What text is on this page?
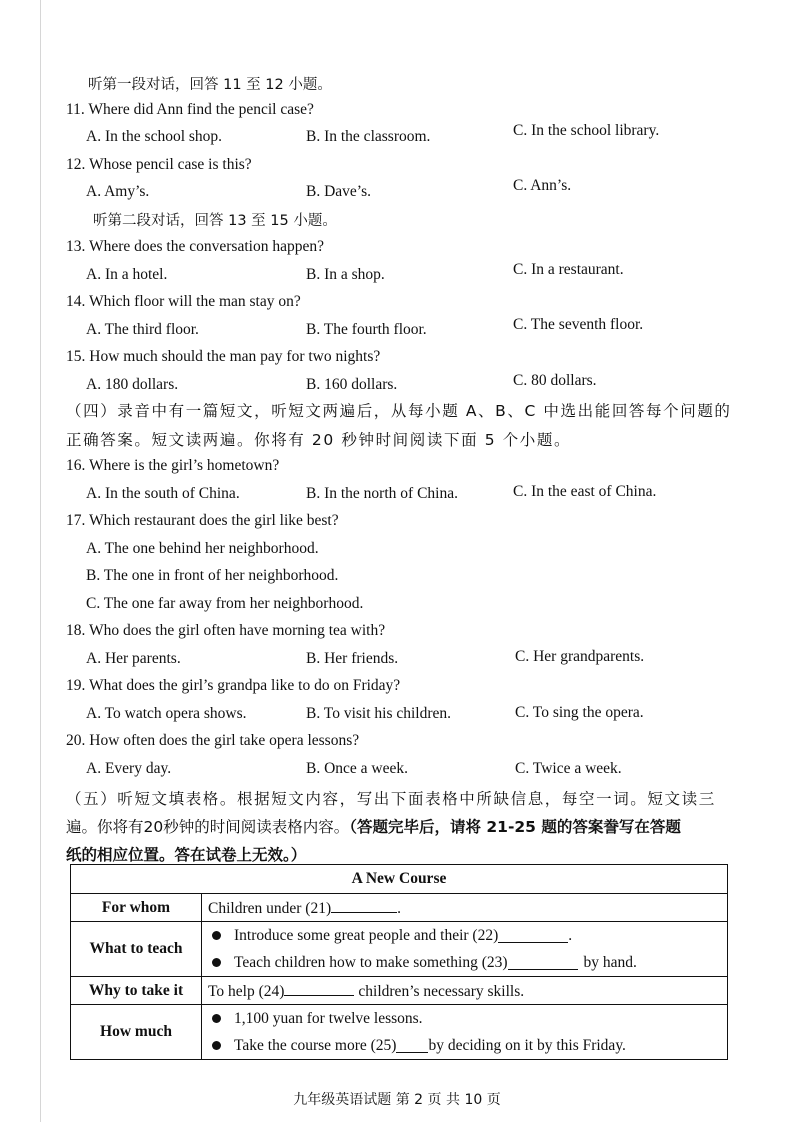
听第一段对话，回答 11 至 12 小题。
11. Where did Ann find the pencil case?
A. In the school shop.	B. In the classroom.	C. In the school library.
12. Whose pencil case is this?
A. Amy’s.	B. Dave’s.	C. Ann’s.
听第二段对话，回答 13 至 15 小题。
13. Where does the conversation happen?
A. In a hotel.	B. In a shop.	C. In a restaurant.
14. Which floor will the man stay on?
A. The third floor.	B. The fourth floor.	C. The seventh floor.
15. How much should the man pay for two nights?
A. 180 dollars.	B. 160 dollars.	C. 80 dollars.
（四）录音中有一篇短文，听短文两遍后，从每小题 A、B、C 中选出能回答每个问题的
正确答案。短文读两遍。你将有 20 秒钟时间阅读下面 5 个小题。
16. Where is the girl’s hometown?
A. In the south of China.	B. In the north of China.	C. In the east of China.
17. Which restaurant does the girl like best?
A. The one behind her neighborhood.
B. The one in front of her neighborhood.
C. The one far away from her neighborhood.
18. Who does the girl often have morning tea with?
A. Her parents.	B. Her friends.	C. Her grandparents.
19. What does the girl’s grandpa like to do on Friday?
A. To watch opera shows.	B. To visit his children.	C. To sing the opera.
20. How often does the girl take opera lessons?
A. Every day.	B. Once a week.	C. Twice a week.
（五）听短文填表格。根据短文内容，写出下面表格中所缺信息，每空一词。短文读三
遍。你将有20秒钟的时间阅读表格内容。（答题完毕后，请将 21-25 题的答案誊写在答题
纸的相应位置。答在试卷上无效。）
A New Course	
For whom	Children under (21) .
What to teach	Introduce some great people and their (22) .
Teach children how to make something (23) by hand.

Why to take it	To help (24) children’s necessary skills.
How much	1,100 yuan for twelve lessons.
Take the course more (25) by deciding on it by this Friday.
九年级英语试题 第 2 页 共 10 页
